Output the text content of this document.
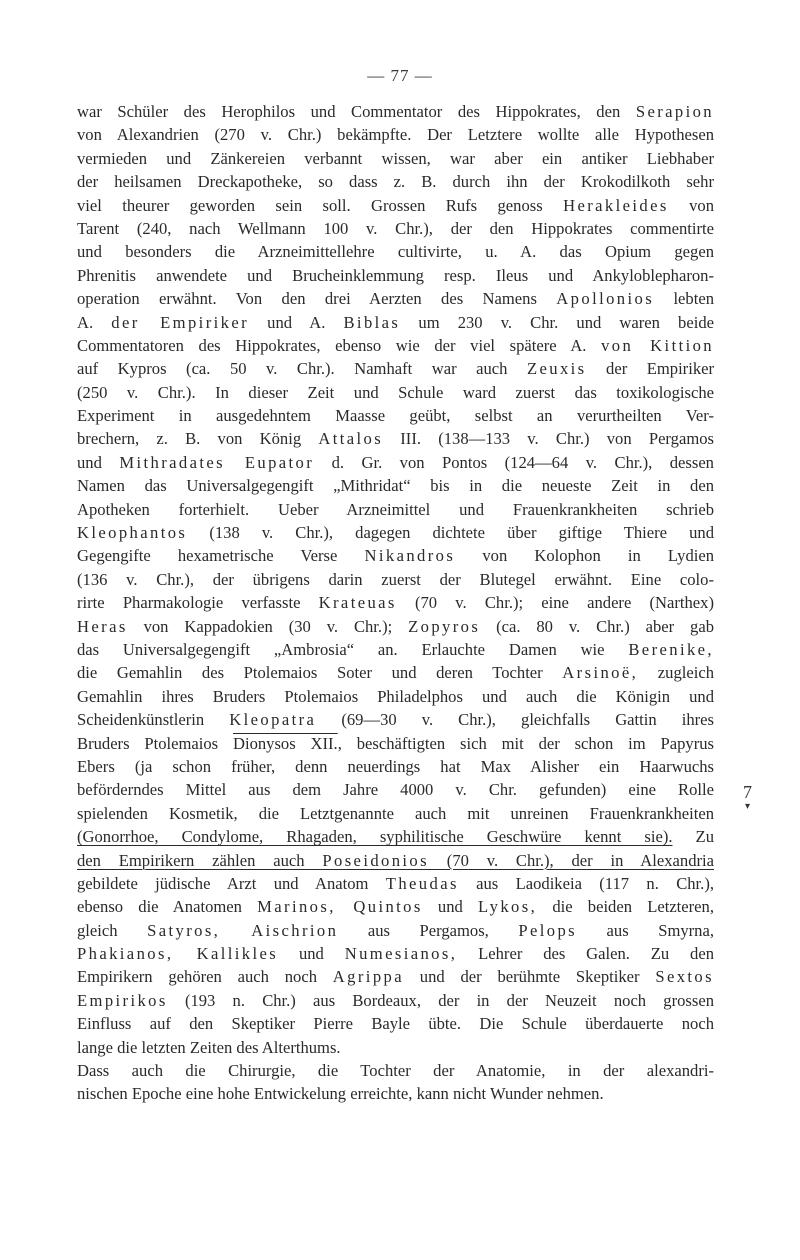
— 77 —
war Schüler des Herophilos und Commentator des Hippokrates, den Serapion
von Alexandrien (270 v. Chr.) bekämpfte. Der Letztere wollte alle Hypothesen
vermieden und Zänkereien verbannt wissen, war aber ein antiker Liebhaber
der heilsamen Dreckapotheke, so dass z. B. durch ihn der Krokodilkoth sehr
viel theurer geworden sein soll. Grossen Rufs genoss Herakleides von
Tarent (240, nach Wellmann 100 v. Chr.), der den Hippokrates commentirte
und besonders die Arzneimittellehre cultivirte, u. A. das Opium gegen
Phrenitis anwendete und Brucheinklemmung resp. Ileus und Ankyloblepharon-
operation erwähnt. Von den drei Aerzten des Namens Apollonios lebten
A. der Empiriker und A. Biblas um 230 v. Chr. und waren beide
Commentatoren des Hippokrates, ebenso wie der viel spätere A. von Kittion
auf Kypros (ca. 50 v. Chr.). Namhaft war auch Zeuxis der Empiriker
(250 v. Chr.). In dieser Zeit und Schule ward zuerst das toxikologische
Experiment in ausgedehntem Maasse geübt, selbst an verurtheilten Ver-
brechern, z. B. von König Attalos III. (138—133 v. Chr.) von Pergamos
und Mithradates Eupator d. Gr. von Pontos (124—64 v. Chr.), dessen
Namen das Universalgegengift „Mithridat“ bis in die neueste Zeit in den
Apotheken forterhielt. Ueber Arzneimittel und Frauenkrankheiten schrieb
Kleophantos (138 v. Chr.), dagegen dichtete über giftige Thiere und
Gegengifte hexametrische Verse Nikandros von Kolophon in Lydien
(136 v. Chr.), der übrigens darin zuerst der Blutegel erwähnt. Eine colo-
rirte Pharmakologie verfasste Krateuas (70 v. Chr.); eine andere (Narthex)
Heras von Kappadokien (30 v. Chr.); Zopyros (ca. 80 v. Chr.) aber gab
das Universalgegengift „Ambrosia“ an. Erlauchte Damen wie Berenike,
die Gemahlin des Ptolemaios Soter und deren Tochter Arsinoë, zugleich
Gemahlin ihres Bruders Ptolemaios Philadelphos und auch die Königin und
Scheidenkünstlerin Kleopatra (69—30 v. Chr.), gleichfalls Gattin ihres
Bruders Ptolemaios Dionysos XII., beschäftigten sich mit der schon im Papyrus
Ebers (ja schon früher, denn neuerdings hat Max Alisher ein Haarwuchs
beförderndes Mittel aus dem Jahre 4000 v. Chr. gefunden) eine Rolle
spielenden Kosmetik, die Letztgenannte auch mit unreinen Frauenkrankheiten
(Gonorrhoe, Condylome, Rhagaden, syphilitische Geschwüre kennt sie). Zu
den Empirikern zählen auch Poseidonios (70 v. Chr.), der in Alexandria
gebildete jüdische Arzt und Anatom Theudas aus Laodikeia (117 n. Chr.),
ebenso die Anatomen Marinos, Quintos und Lykos, die beiden Letzteren,
gleich Satyros, Aischrion aus Pergamos, Pelops aus Smyrna,
Phakianos, Kallikles und Numesianos, Lehrer des Galen. Zu den
Empirikern gehören auch noch Agrippa und der berühmte Skeptiker Sextos
Empirikos (193 n. Chr.) aus Bordeaux, der in der Neuzeit noch grossen
Einfluss auf den Skeptiker Pierre Bayle übte. Die Schule überdauerte noch
lange die letzten Zeiten des Alterthums.
Dass auch die Chirurgie, die Tochter der Anatomie, in der alexandri-
nischen Epoche eine hohe Entwickelung erreichte, kann nicht Wunder nehmen.
7
▾
